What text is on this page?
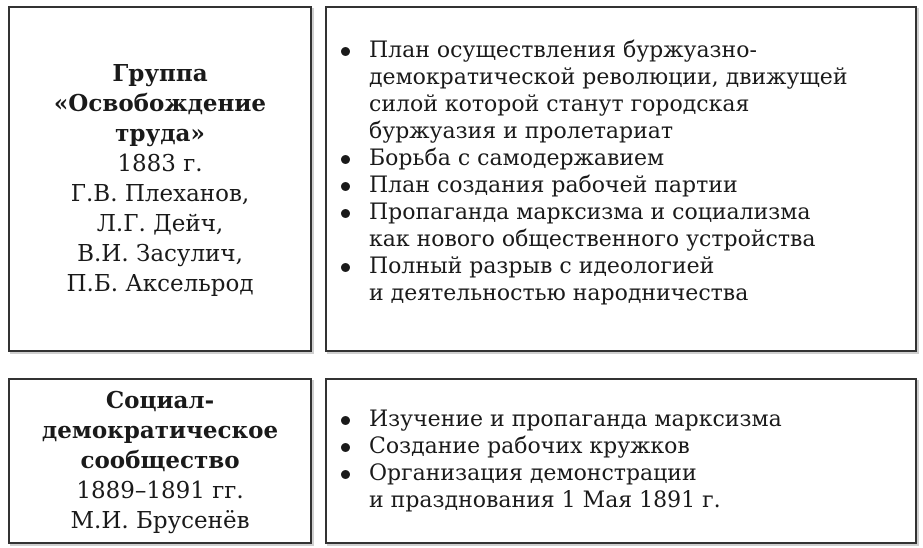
Группа
«Освобождение
труда»
1883 г.
Г.В. Плеханов,
Л.Г. Дейч,
В.И. Засулич,
П.Б. Аксельрод
План осуществления буржуазно-
демократической революции, движущей
силой которой станут городская
буржуазия и пролетариат
Борьба с самодержавием
План создания рабочей партии
Пропаганда марксизма и социализма
как нового общественного устройства
Полный разрыв с идеологией
и деятельностью народничества
Социал-
демократическое
сообщество
1889–1891 гг.
М.И. Брусенёв
Изучение и пропаганда марксизма
Создание рабочих кружков
Организация демонстрации
и празднования 1 Мая 1891 г.
